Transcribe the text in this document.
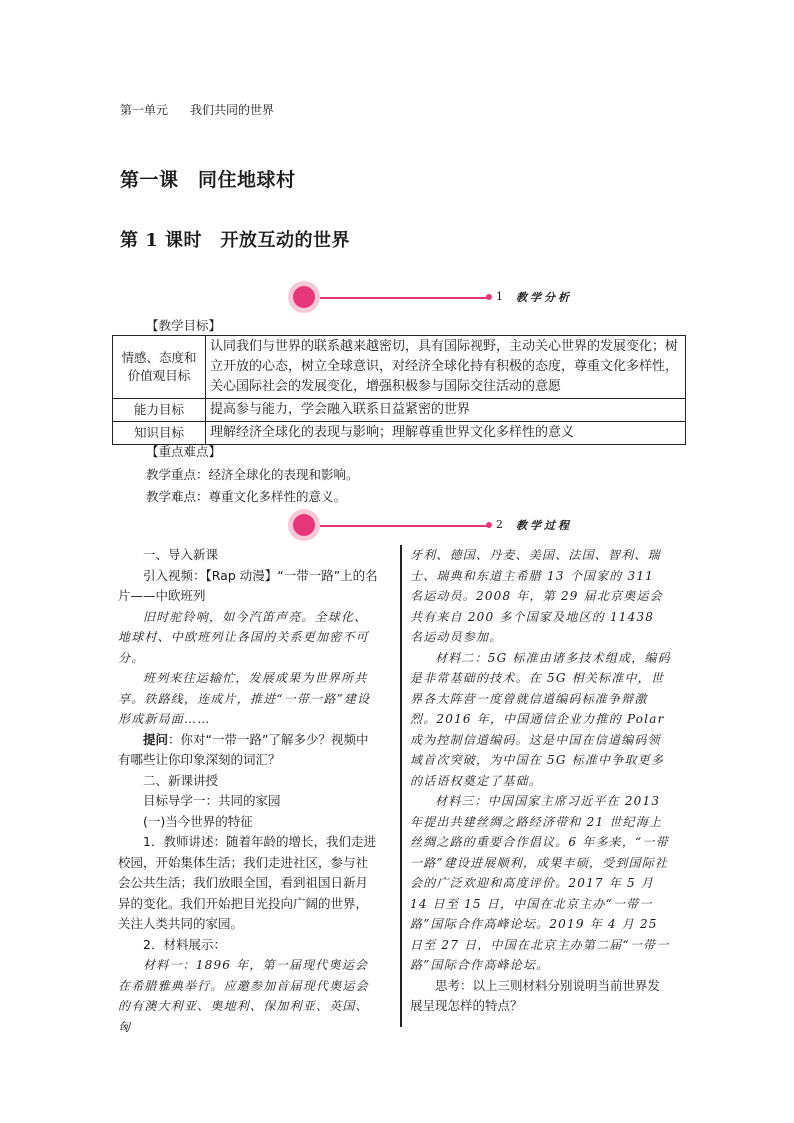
第一单元 我们共同的世界
第一课　同住地球村
第 1 课时　开放互动的世界
1 教学分析
【教学目标】
情感、态度和价值观目标	认同我们与世界的联系越来越密切，具有国际视野，主动关心世界的发展变化；树立开放的心态，树立全球意识，对经济全球化持有积极的态度，尊重文化多样性，关心国际社会的发展变化，增强积极参与国际交往活动的意愿
能力目标	提高参与能力，学会融入联系日益紧密的世界
知识目标	理解经济全球化的表现与影响；理解尊重世界文化多样性的意义
【重点难点】
教学重点：经济全球化的表现和影响。
教学难点：尊重文化多样性的意义。
2 教学过程

一、导入新课

引入视频：【Rap 动漫】“一带一路”上的名片——中欧班列

旧时驼铃响，如今汽笛声亮。全球化、地球村、中欧班列让各国的关系更加密不可分。

班列来往运输忙，发展成果为世界所共享。铁路线，连成片，推进“一带一路”建设形成新局面……

提问：你对“一带一路”了解多少？视频中有哪些让你印象深刻的词汇？

二、新课讲授

目标导学一：共同的家园

(一)当今世界的特征

1．教师讲述：随着年龄的增长，我们走进校园，开始集体生活；我们走进社区，参与社会公共生活；我们放眼全国，看到祖国日新月异的变化。我们开始把目光投向广阔的世界，关注人类共同的家园。

2．材料展示：

材料一：1896 年，第一届现代奥运会在希腊雅典举行。应邀参加首届现代奥运会的有澳大利亚、奥地利、保加利亚、英国、匈

牙利、德国、丹麦、美国、法国、智利、瑞士、瑞典和东道主希腊 13 个国家的 311 名运动员。2008 年，第 29 届北京奥运会共有来自 200 多个国家及地区的 11438 名运动员参加。

材料二：5G 标准由诸多技术组成，编码是非常基础的技术。在 5G 相关标准中，世界各大阵营一度曾就信道编码标准争辩激烈。2016 年，中国通信企业力推的 Polar 成为控制信道编码。这是中国在信道编码领域首次突破，为中国在 5G 标准中争取更多的话语权奠定了基础。

材料三：中国国家主席习近平在 2013 年提出共建丝绸之路经济带和 21 世纪海上丝绸之路的重要合作倡议。6 年多来，“一带一路”建设进展顺利，成果丰硕，受到国际社会的广泛欢迎和高度评价。2017 年 5 月 14 日至 15 日，中国在北京主办“一带一路”国际合作高峰论坛。2019 年 4 月 25 日至 27 日，中国在北京主办第二届“一带一路”国际合作高峰论坛。

思考：以上三则材料分别说明当前世界发展呈现怎样的特点？
